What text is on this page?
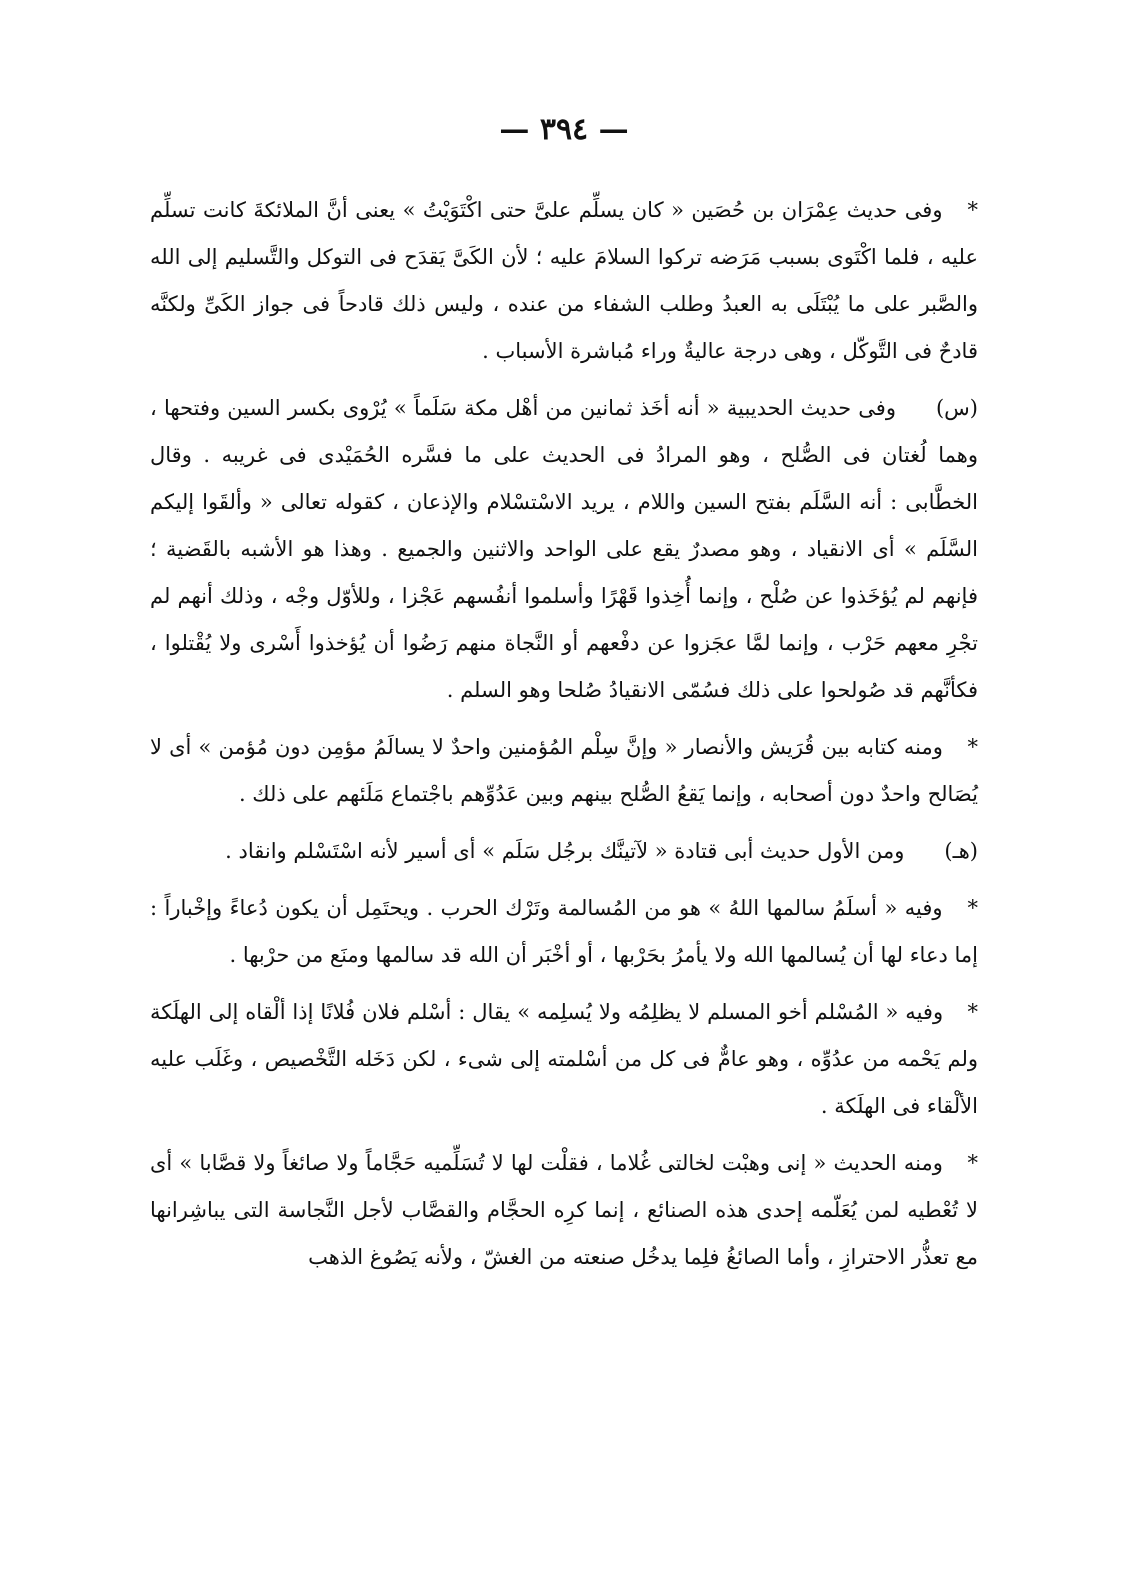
— ٣٩٤ —

* وفى حديث عِمْرَان بن حُصَين « كان يسلِّم علىَّ حتى اكْتَوَيْتُ » يعنى أنَّ الملائكةَ كانت تسلِّم عليه ، فلما اكْتَوى بسبب مَرَضه تركوا السلامَ عليه ؛ لأن الكَىَّ يَقدَح فى التوكل والتَّسليم إلى الله والصَّبر على ما يُبْتَلَى به العبدُ وطلب الشفاء من عنده ، وليس ذلك قادحاً فى جواز الكَىِّ ولكنَّه قادحٌ فى التَّوكّل ، وهى درجة عاليةٌ وراء مُباشرة الأسباب .

(س)وفى حديث الحديبية « أنه أخَذ ثمانين من أهْل مكة سَلَماً » يُرْوى بكسر السين وفتحها ، وهما لُغتان فى الصُّلح ، وهو المرادُ فى الحديث على ما فسَّره الحُمَيْدى فى غريبه . وقال الخطَّابى : أنه السَّلَم بفتح السين واللام ، يريد الاسْتسْلام والإذعان ، كقوله تعالى « وألقَوا إليكم السَّلَم » أى الانقياد ، وهو مصدرٌ يقع على الواحد والاثنين والجميع . وهذا هو الأشبه بالقَضية ؛ فإنهم لم يُؤخَذوا عن صُلْح ، وإنما أُخِذوا قَهْرًا وأسلموا أنفُسهم عَجْزا ، وللأوّل وجْه ، وذلك أنهم لم تجْرِ معهم حَرْب ، وإنما لمَّا عجَزوا عن دفْعهم أو النَّجاة منهم رَضُوا أن يُؤخذوا أَسْرى ولا يُقْتلوا ، فكأنَّهم قد صُولحوا على ذلك فسُمّى الانقيادُ صُلحا وهو السلم .

* ومنه كتابه بين قُرَيش والأنصار « وإنَّ سِلْم المُؤمنين واحدٌ لا يسالَمُ مؤمِن دون مُؤمن » أى لا يُصَالح واحدٌ دون أصحابه ، وإنما يَقعُ الصُّلح بينهم وبين عَدُوِّهم باجْتماع مَلَئهم على ذلك .

(هـ)ومن الأول حديث أبى قتادة « لآتينَّك برجُل سَلَم » أى أسير لأنه اسْتَسْلم وانقاد .

* وفيه « أسلَمُ سالمها اللهُ » هو من المُسالمة وتَرْك الحرب . ويحتَمِل أن يكون دُعاءً وإخْباراً : إما دعاء لها أن يُسالمها الله ولا يأمرُ بحَرْبها ، أو أخْبَر أن الله قد سالمها ومنَع من حرْبها .

* وفيه « المُسْلم أخو المسلم لا يظلِمُه ولا يُسلِمه » يقال : أسْلم فلان فُلانًا إذا ألْقاه إلى الهلَكة ولم يَحْمه من عدُوِّه ، وهو عامٌّ فى كل من أسْلمته إلى شىء ، لكن دَخَله التَّخْصيص ، وغَلَب عليه الألْقاء فى الهلَكة .

* ومنه الحديث « إنى وهبْت لخالتى غُلاما ، فقلْت لها لا تُسَلِّميه حَجَّاماً ولا صائغاً ولا قصَّابا » أى لا تُعْطيه لمن يُعَلّمه إحدى هذه الصنائع ، إنما كرِه الحجَّام والقصَّاب لأجل النَّجاسة التى يباشِرانها مع تعذُّر الاحترازِ ، وأما الصائغُ فلِما يدخُل صنعته من الغشّ ، ولأنه يَصُوغ الذهب
